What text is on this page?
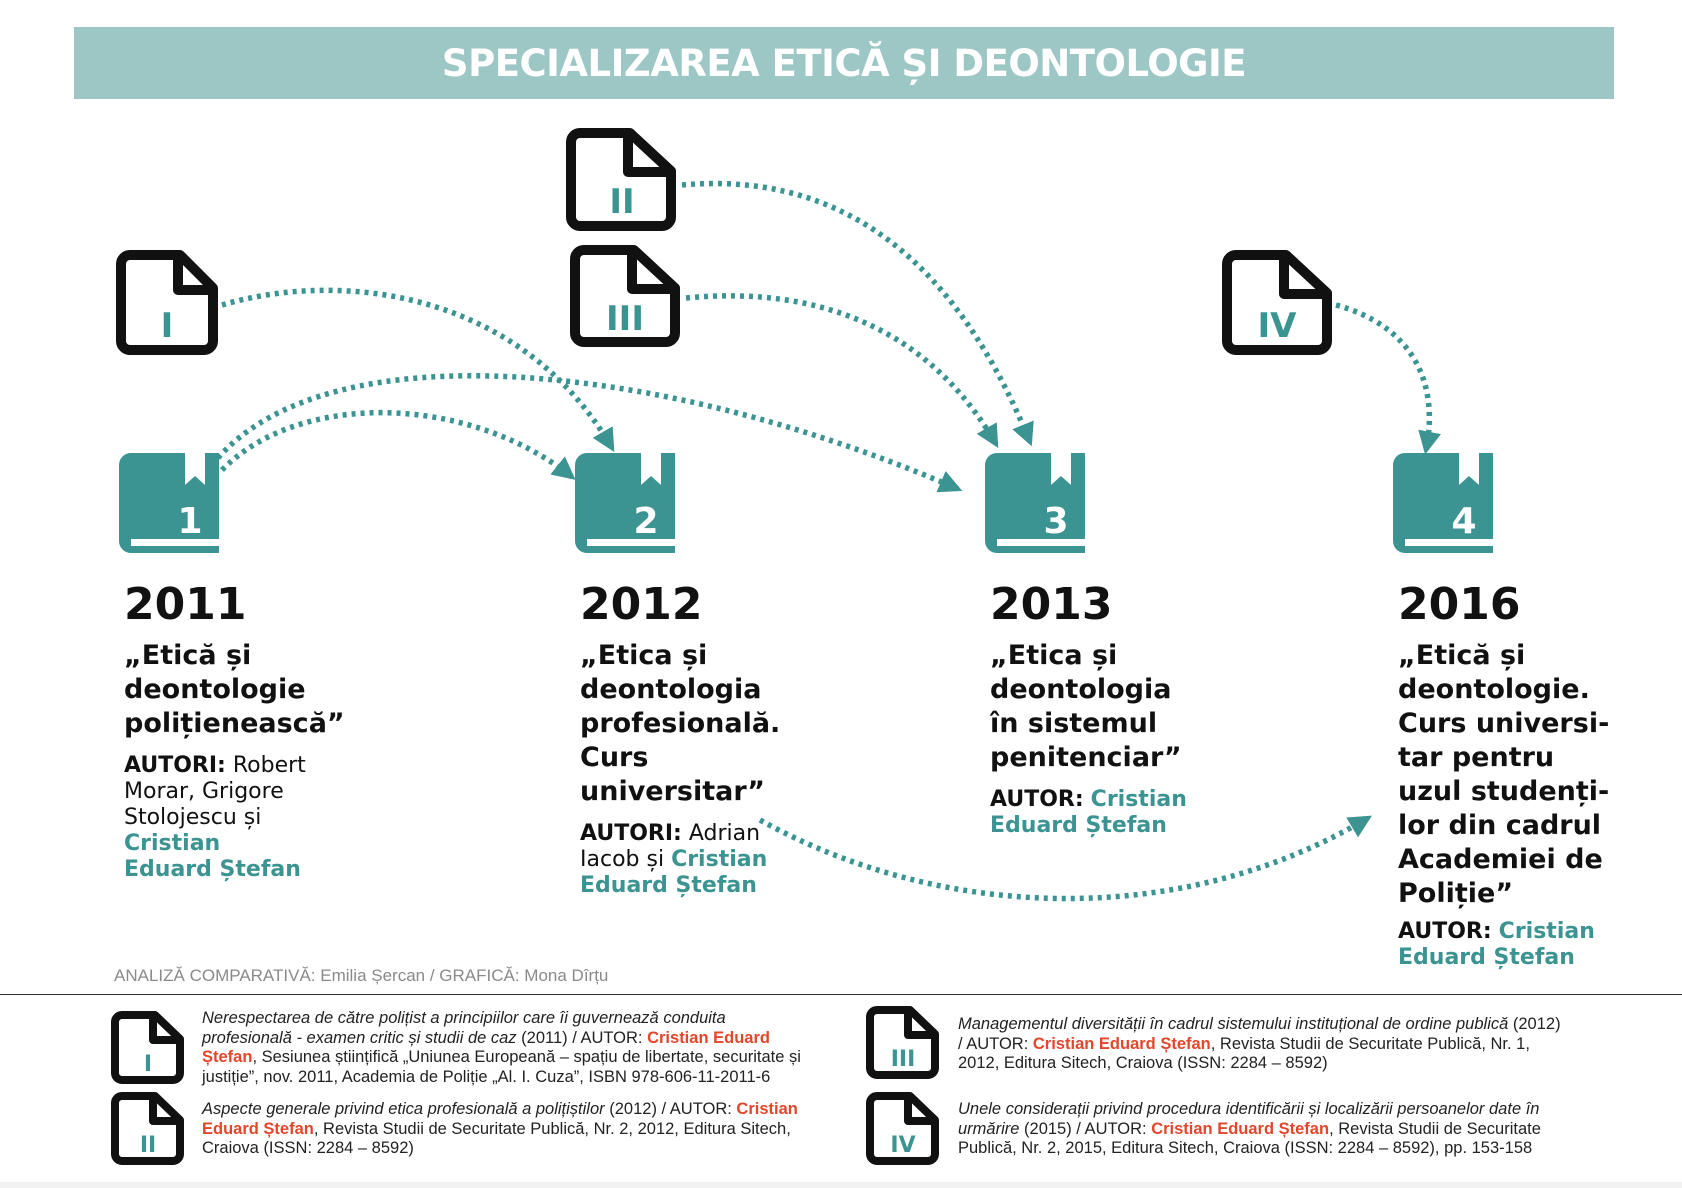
SPECIALIZAREA ETICĂ ȘI DEONTOLOGIE
I
II
III	IV
1	2	3	4
I
II
III
IV
2011
„Etică și deontologie polițienească”
AUTORI: Robert Morar, Grigore Stolojescu și Cristian Eduard Ștefan
2012
„Etica și deontologia profesională. Curs universitar”
AUTORI: Adrian Iacob și Cristian Eduard Ștefan
2013
„Etica și deontologia în sistemul penitenciar”
AUTOR: Cristian Eduard Ștefan
2016
„Etică și deontologie. Curs universi-tar pentru uzul studenți-lor din cadrul Academiei de Poliție”
AUTOR: Cristian Eduard Ștefan
ANALIZĂ COMPARATIVĂ: Emilia Șercan / GRAFICĂ: Mona Dîrțu
Nerespectarea de către polițist a principiilor care îi guvernează conduita profesională - examen critic și studii de caz (2011) / AUTOR: Cristian Eduard Ștefan, Sesiunea științifică „Uniunea Europeană – spațiu de libertate, securitate și justiție”, nov. 2011, Academia de Poliție „Al. I. Cuza”, ISBN 978-606-11-2011-6
Aspecte generale privind etica profesională a polițiștilor (2012) / AUTOR: Cristian Eduard Ștefan, Revista Studii de Securitate Publică, Nr. 2, 2012, Editura Sitech, Craiova (ISSN: 2284 – 8592)
Managementul diversității în cadrul sistemului instituțional de ordine publică (2012) / AUTOR: Cristian Eduard Ștefan, Revista Studii de Securitate Publică, Nr. 1, 2012, Editura Sitech, Craiova (ISSN: 2284 – 8592)
Unele considerații privind procedura identificării și localizării persoanelor date în urmărire (2015) / AUTOR: Cristian Eduard Ștefan, Revista Studii de Securitate Publică, Nr. 2, 2015, Editura Sitech, Craiova (ISSN: 2284 – 8592), pp. 153-158
